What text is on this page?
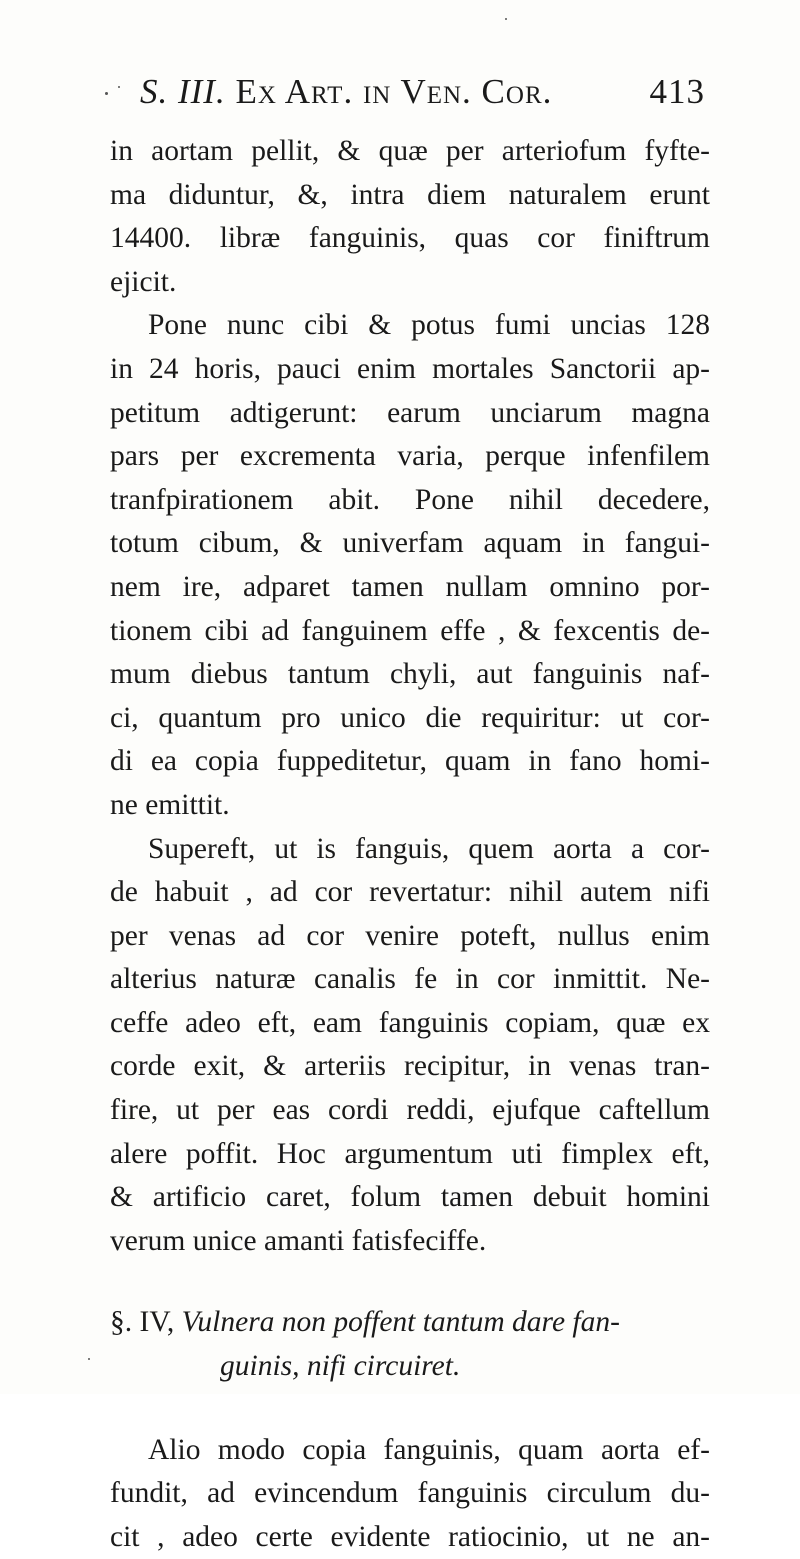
S. III. Ex Art. in Ven. Cor.	413
in aortam pellit, & quæ per arteriofum fyfte-
ma diduntur, &, intra diem naturalem erunt
14400. libræ fanguinis, quas cor finiftrum
ejicit.
Pone nunc cibi & potus fumi uncias 128
in 24 horis, pauci enim mortales Sanctorii ap-
petitum adtigerunt: earum unciarum magna
pars per excrementa varia, perque infenfilem
tranfpirationem abit. Pone nihil decedere,
totum cibum, & univerfam aquam in fangui-
nem ire, adparet tamen nullam omnino por-
tionem cibi ad fanguinem effe , & fexcentis de-
mum diebus tantum chyli, aut fanguinis naf-
ci, quantum pro unico die requiritur: ut cor-
di ea copia fuppeditetur, quam in fano homi-
ne emittit.
Supereft, ut is fanguis, quem aorta a cor-
de habuit , ad cor revertatur: nihil autem nifi
per venas ad cor venire poteft, nullus enim
alterius naturæ canalis fe in cor inmittit. Ne-
ceffe adeo eft, eam fanguinis copiam, quæ ex
corde exit, & arteriis recipitur, in venas tran-
fire, ut per eas cordi reddi, ejufque caftellum
alere poffit. Hoc argumentum uti fimplex eft,
& artificio caret, folum tamen debuit homini
verum unice amanti fatisfeciffe.
§. IV, Vulnera non poffent tantum dare fan-
guinis, nifi circuiret.
Alio modo copia fanguinis, quam aorta ef-
fundit, ad evincendum fanguinis circulum du-
cit , adeo certe evidente ratiocinio, ut ne an-
